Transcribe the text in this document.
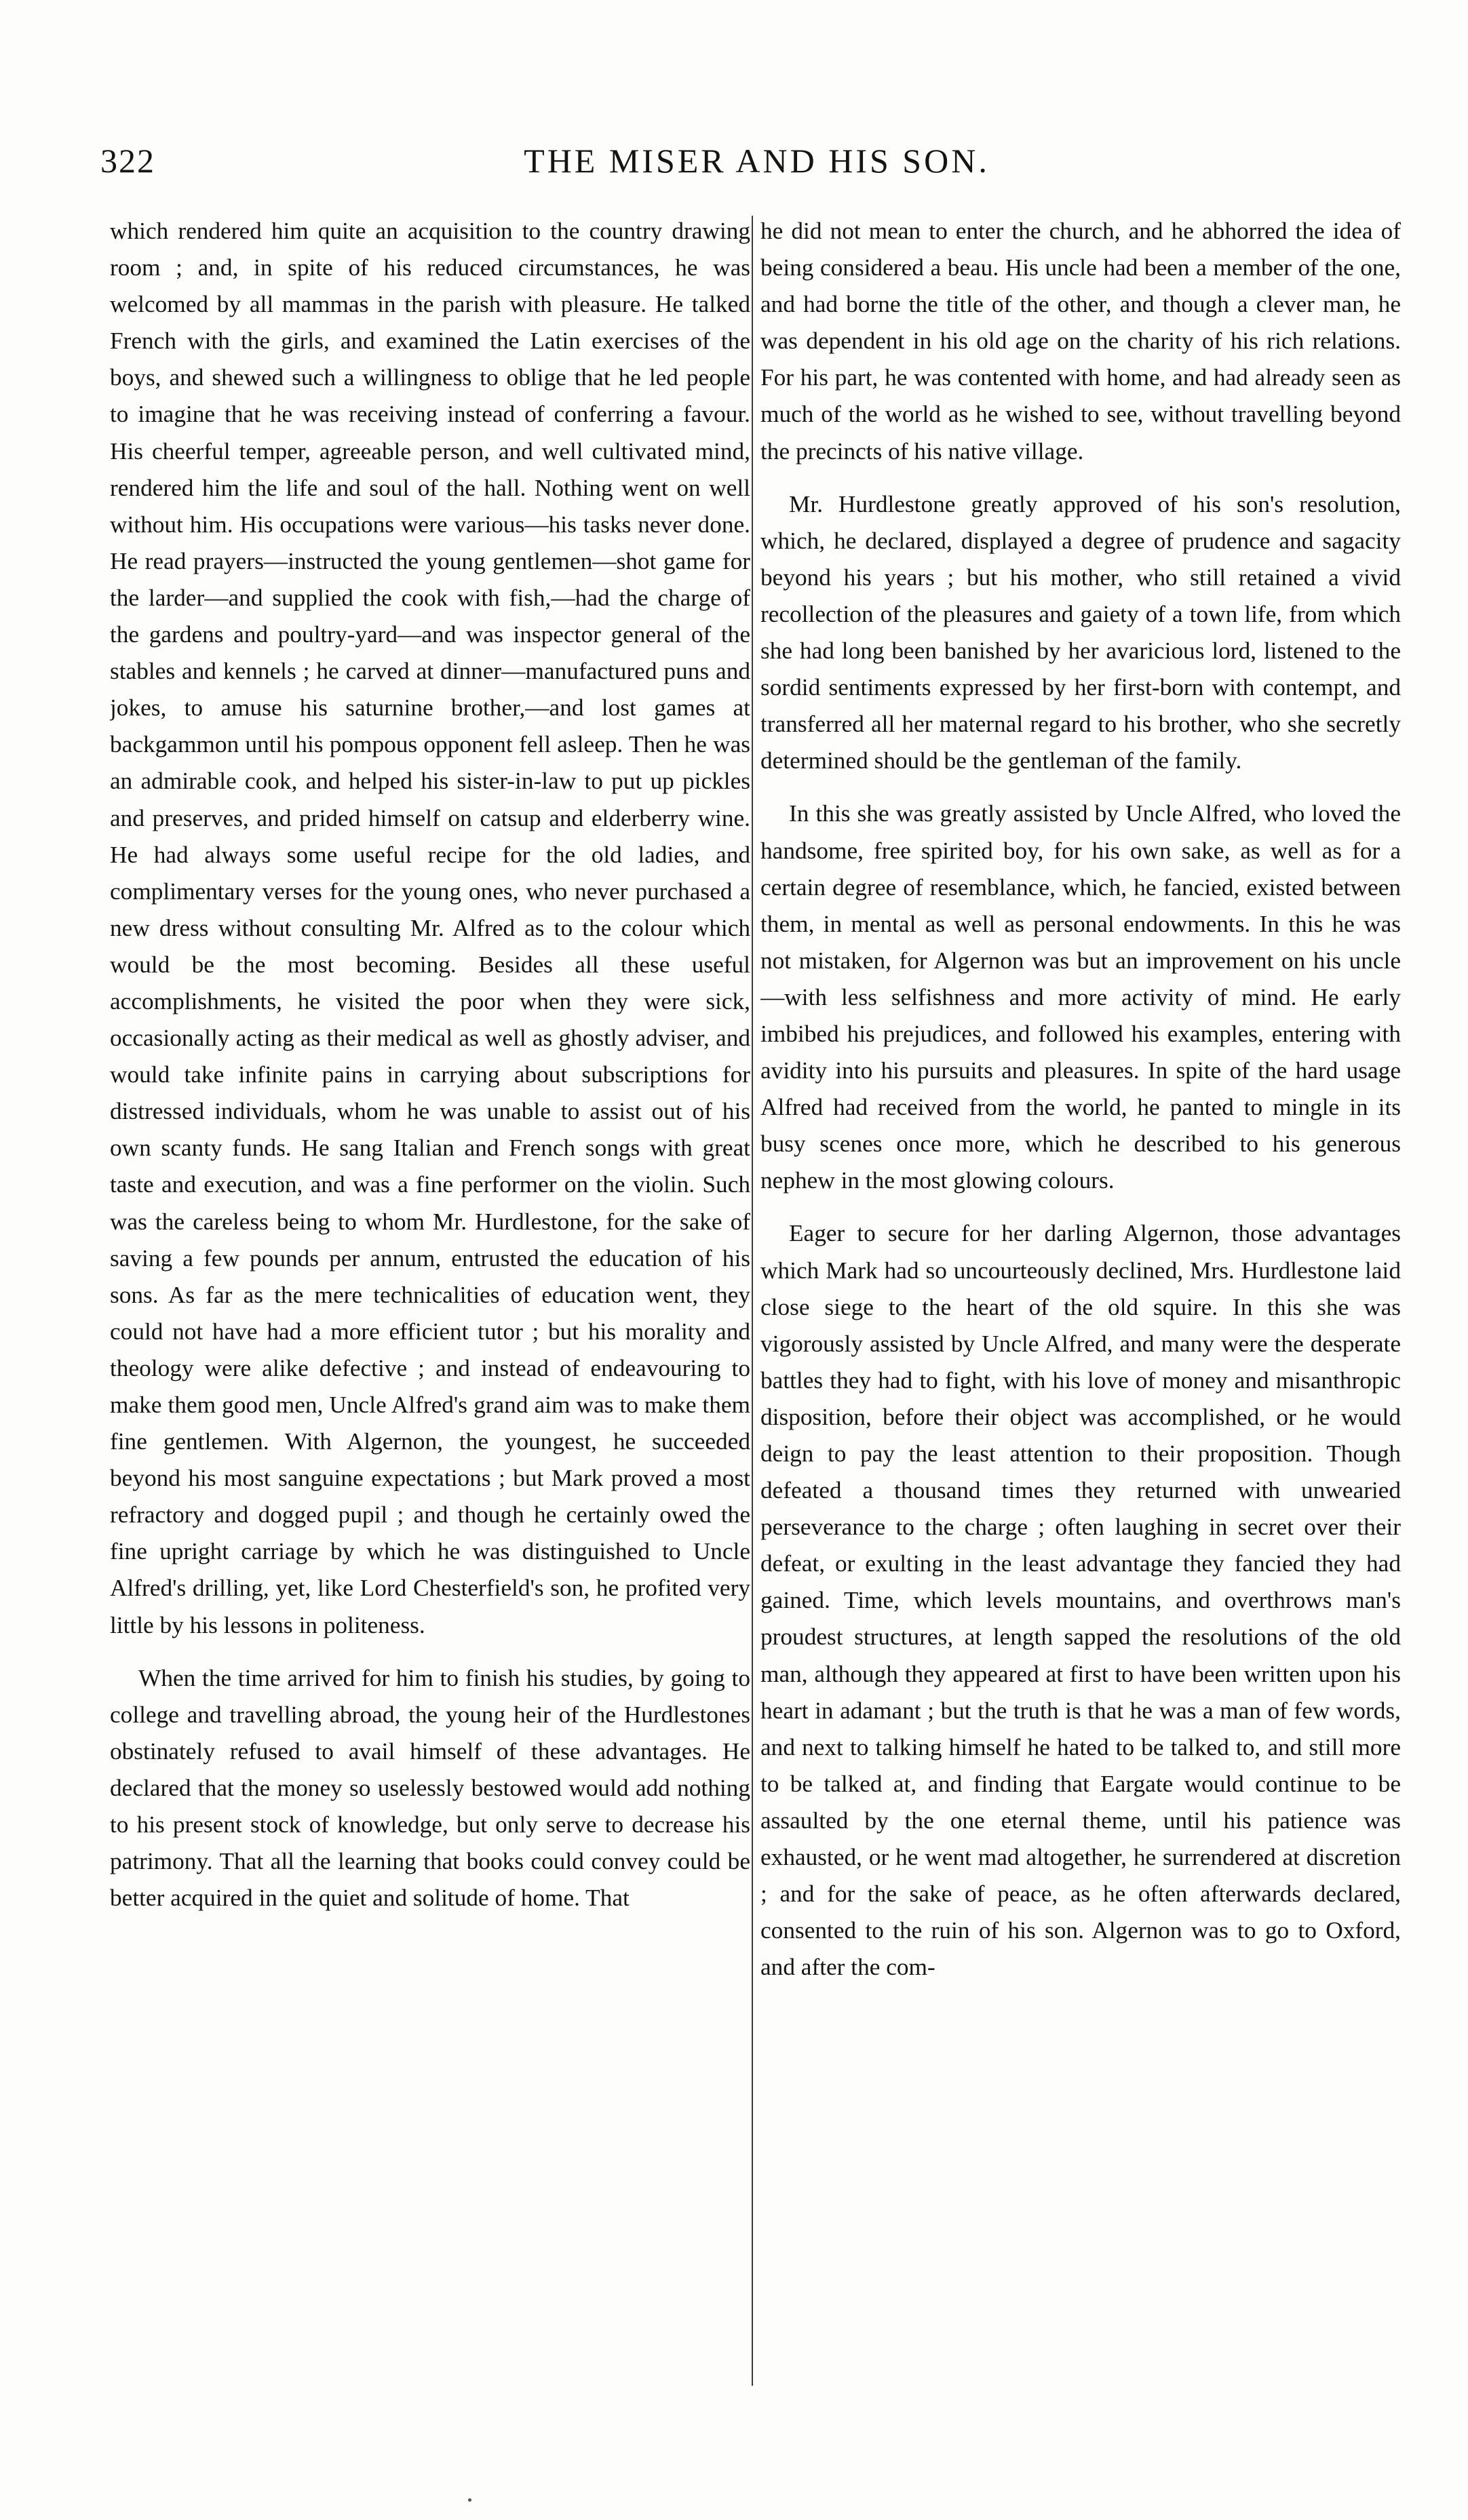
322	THE MISER AND HIS SON.

which rendered him quite an acquisition to the country drawing room ; and, in spite of his reduced circumstances, he was welcomed by all mammas in the parish with pleasure. He talked French with the girls, and examined the Latin exercises of the boys, and shewed such a willingness to oblige that he led people to imagine that he was receiving instead of conferring a favour. His cheerful temper, agreeable person, and well cultivated mind, rendered him the life and soul of the hall. Nothing went on well without him. His occupations were various—his tasks never done. He read prayers—instructed the young gentlemen—shot game for the larder—and supplied the cook with fish,—had the charge of the gardens and poultry-yard—and was inspector general of the stables and kennels ; he carved at dinner—manufactured puns and jokes, to amuse his saturnine brother,—and lost games at backgammon until his pompous opponent fell asleep. Then he was an admirable cook, and helped his sister-in-law to put up pickles and preserves, and prided himself on catsup and elderberry wine. He had always some useful recipe for the old ladies, and complimentary verses for the young ones, who never purchased a new dress without consulting Mr. Alfred as to the colour which would be the most becoming. Besides all these useful accomplishments, he visited the poor when they were sick, occasionally acting as their medical as well as ghostly adviser, and would take infinite pains in carrying about subscriptions for distressed individuals, whom he was unable to assist out of his own scanty funds. He sang Italian and French songs with great taste and execution, and was a fine performer on the violin. Such was the careless being to whom Mr. Hurdlestone, for the sake of saving a few pounds per annum, entrusted the education of his sons. As far as the mere technicalities of education went, they could not have had a more efficient tutor ; but his morality and theology were alike defective ; and instead of endeavouring to make them good men, Uncle Alfred's grand aim was to make them fine gentlemen. With Algernon, the youngest, he succeeded beyond his most sanguine expectations ; but Mark proved a most refractory and dogged pupil ; and though he certainly owed the fine upright carriage by which he was distinguished to Uncle Alfred's drilling, yet, like Lord Chesterfield's son, he profited very little by his lessons in politeness.

When the time arrived for him to finish his studies, by going to college and travelling abroad, the young heir of the Hurdlestones obstinately refused to avail himself of these advantages. He declared that the money so uselessly bestowed would add nothing to his present stock of knowledge, but only serve to decrease his patrimony. That all the learning that books could convey could be better acquired in the quiet and solitude of home. That

he did not mean to enter the church, and he abhorred the idea of being considered a beau. His uncle had been a member of the one, and had borne the title of the other, and though a clever man, he was dependent in his old age on the charity of his rich relations. For his part, he was contented with home, and had already seen as much of the world as he wished to see, without travelling beyond the precincts of his native village.

Mr. Hurdlestone greatly approved of his son's resolution, which, he declared, displayed a degree of prudence and sagacity beyond his years ; but his mother, who still retained a vivid recollection of the pleasures and gaiety of a town life, from which she had long been banished by her avaricious lord, listened to the sordid sentiments expressed by her first-born with contempt, and transferred all her maternal regard to his brother, who she secretly determined should be the gentleman of the family.

In this she was greatly assisted by Uncle Alfred, who loved the handsome, free spirited boy, for his own sake, as well as for a certain degree of resemblance, which, he fancied, existed between them, in mental as well as personal endowments. In this he was not mistaken, for Algernon was but an improvement on his uncle—with less selfishness and more activity of mind. He early imbibed his prejudices, and followed his examples, entering with avidity into his pursuits and pleasures. In spite of the hard usage Alfred had received from the world, he panted to mingle in its busy scenes once more, which he described to his generous nephew in the most glowing colours.

Eager to secure for her darling Algernon, those advantages which Mark had so uncourteously declined, Mrs. Hurdlestone laid close siege to the heart of the old squire. In this she was vigorously assisted by Uncle Alfred, and many were the desperate battles they had to fight, with his love of money and misanthropic disposition, before their object was accomplished, or he would deign to pay the least attention to their proposition. Though defeated a thousand times they returned with unwearied perseverance to the charge ; often laughing in secret over their defeat, or exulting in the least advantage they fancied they had gained. Time, which levels mountains, and overthrows man's proudest structures, at length sapped the resolutions of the old man, although they appeared at first to have been written upon his heart in adamant ; but the truth is that he was a man of few words, and next to talking himself he hated to be talked to, and still more to be talked at, and finding that Eargate would continue to be assaulted by the one eternal theme, until his patience was exhausted, or he went mad altogether, he surrendered at discretion ; and for the sake of peace, as he often afterwards declared, consented to the ruin of his son. Algernon was to go to Oxford, and after the com-
